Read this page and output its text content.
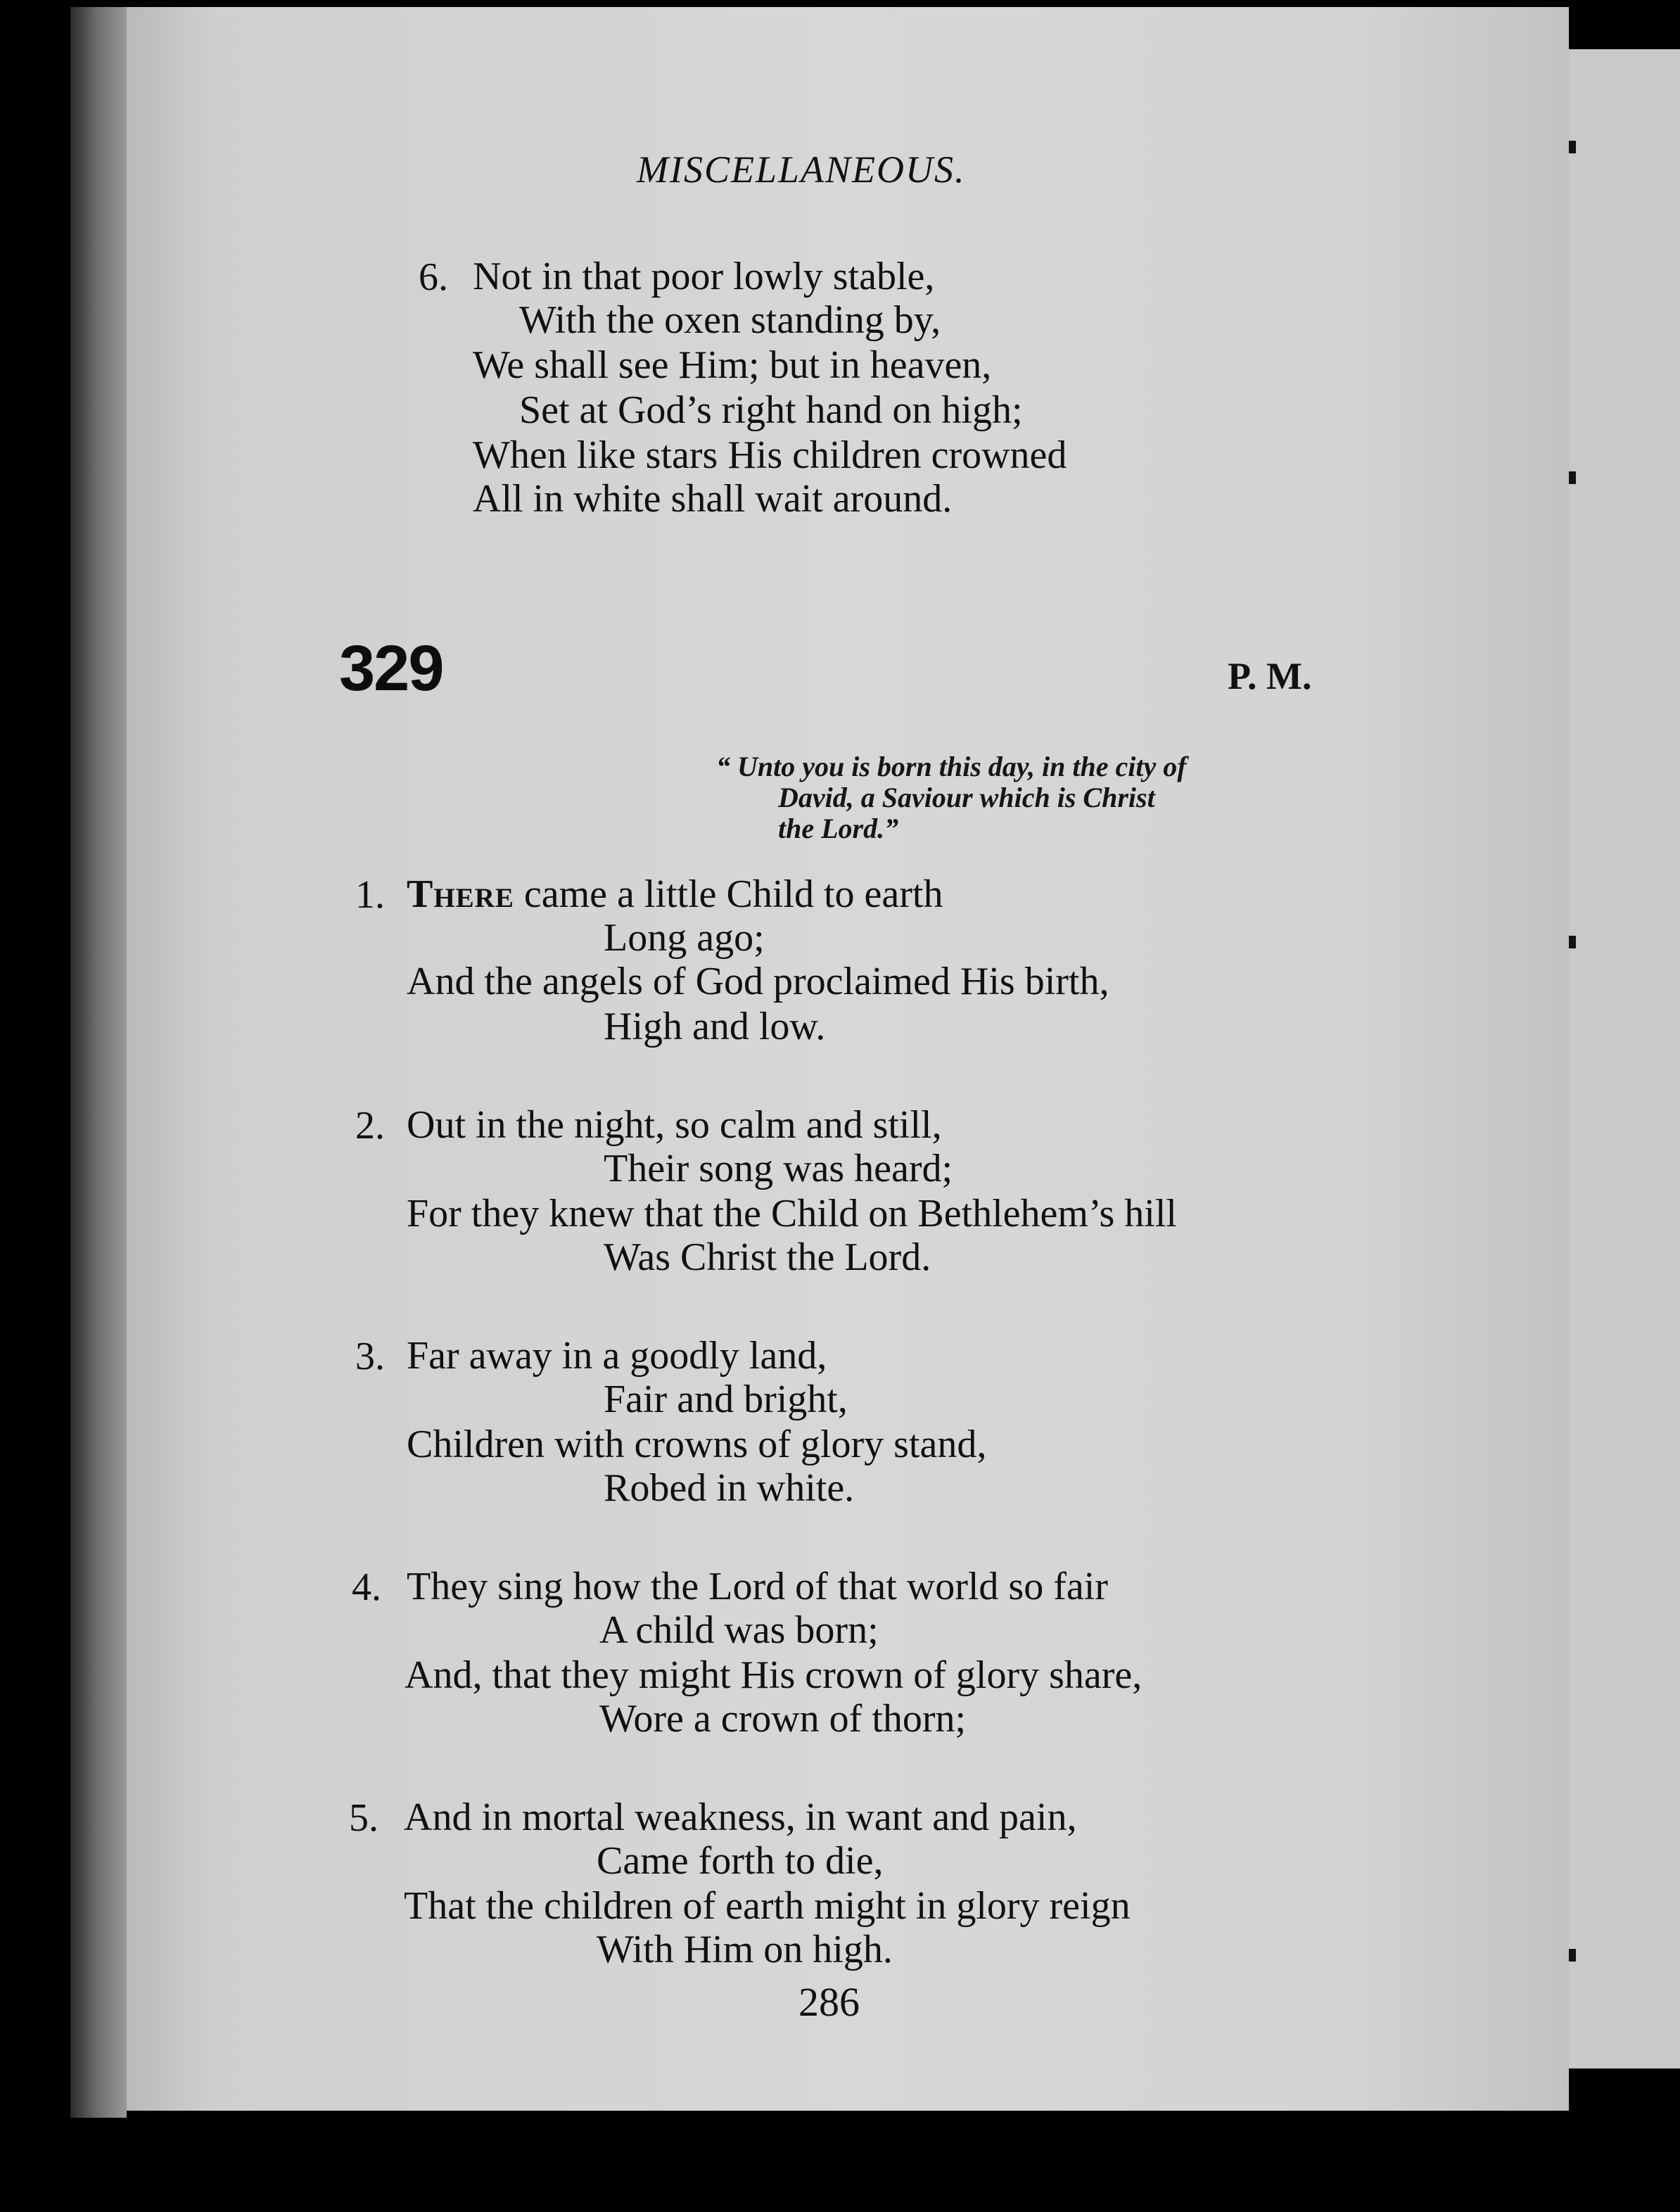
MISCELLANEOUS.
6. Not in that poor lowly stable,
With the oxen standing by,
We shall see Him; but in heaven,
Set at God’s right hand on high;
When like stars His children crowned
All in white shall wait around.
329	P. M.
“ Unto you is born this day, in the city of
David, a Saviour which is Christ
the Lord.”
1. There came a little Child to earth
Long ago;
And the angels of God proclaimed His birth,
High and low.
2. Out in the night, so calm and still,
Their song was heard;
For they knew that the Child on Bethlehem’s hill
Was Christ the Lord.
3. Far away in a goodly land,
Fair and bright,
Children with crowns of glory stand,
Robed in white.
4. They sing how the Lord of that world so fair
A child was born;
And, that they might His crown of glory share,
Wore a crown of thorn;
5. And in mortal weakness, in want and pain,
Came forth to die,
That the children of earth might in glory reign
With Him on high.
286
